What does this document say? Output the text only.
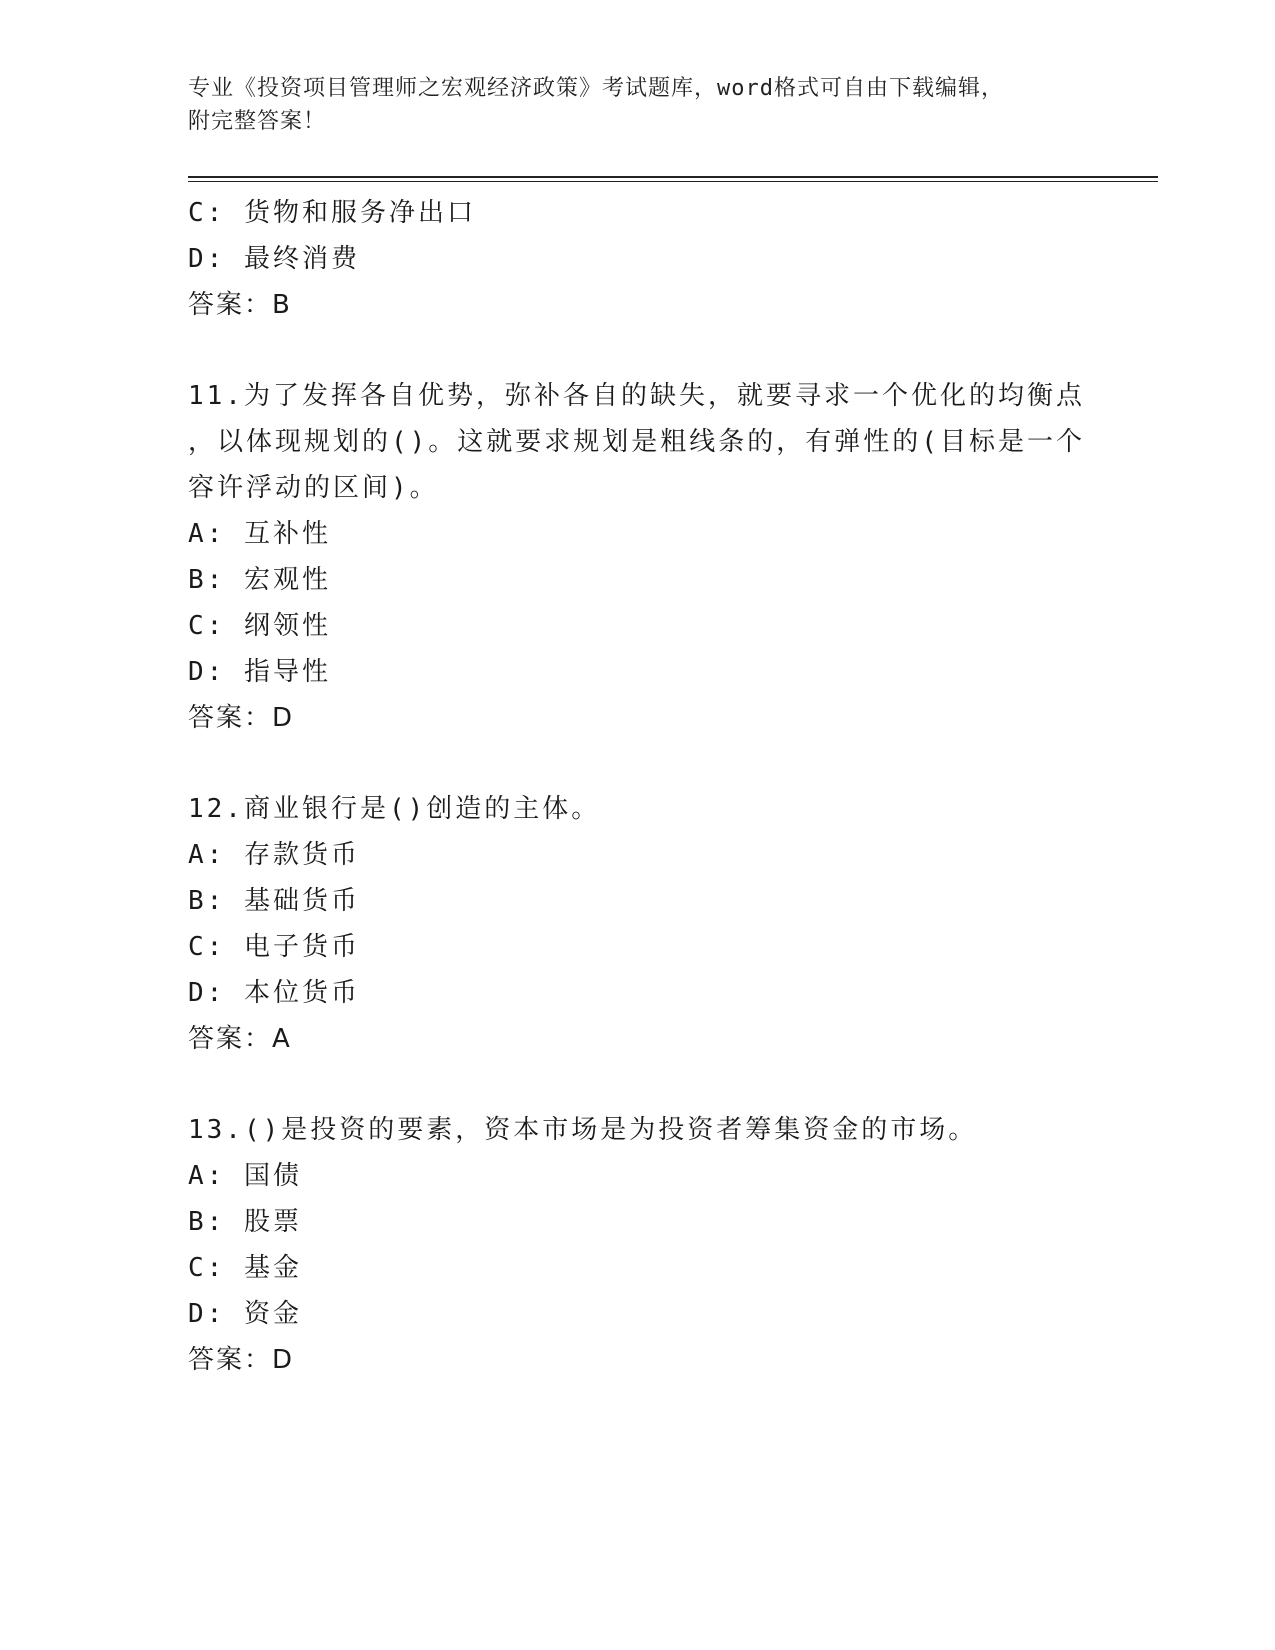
专业《投资项目管理师之宏观经济政策》考试题库，word格式可自由下载编辑，
附完整答案！
C: 货物和服务净出口
D: 最终消费
答案：B
11.为了发挥各自优势，弥补各自的缺失，就要寻求一个优化的均衡点
，以体现规划的()。这就要求规划是粗线条的，有弹性的(目标是一个
容许浮动的区间)。
A: 互补性
B: 宏观性
C: 纲领性
D: 指导性
答案：D
12.商业银行是()创造的主体。
A: 存款货币
B: 基础货币
C: 电子货币
D: 本位货币
答案：A
13.()是投资的要素，资本市场是为投资者筹集资金的市场。
A: 国债
B: 股票
C: 基金
D: 资金
答案：D
